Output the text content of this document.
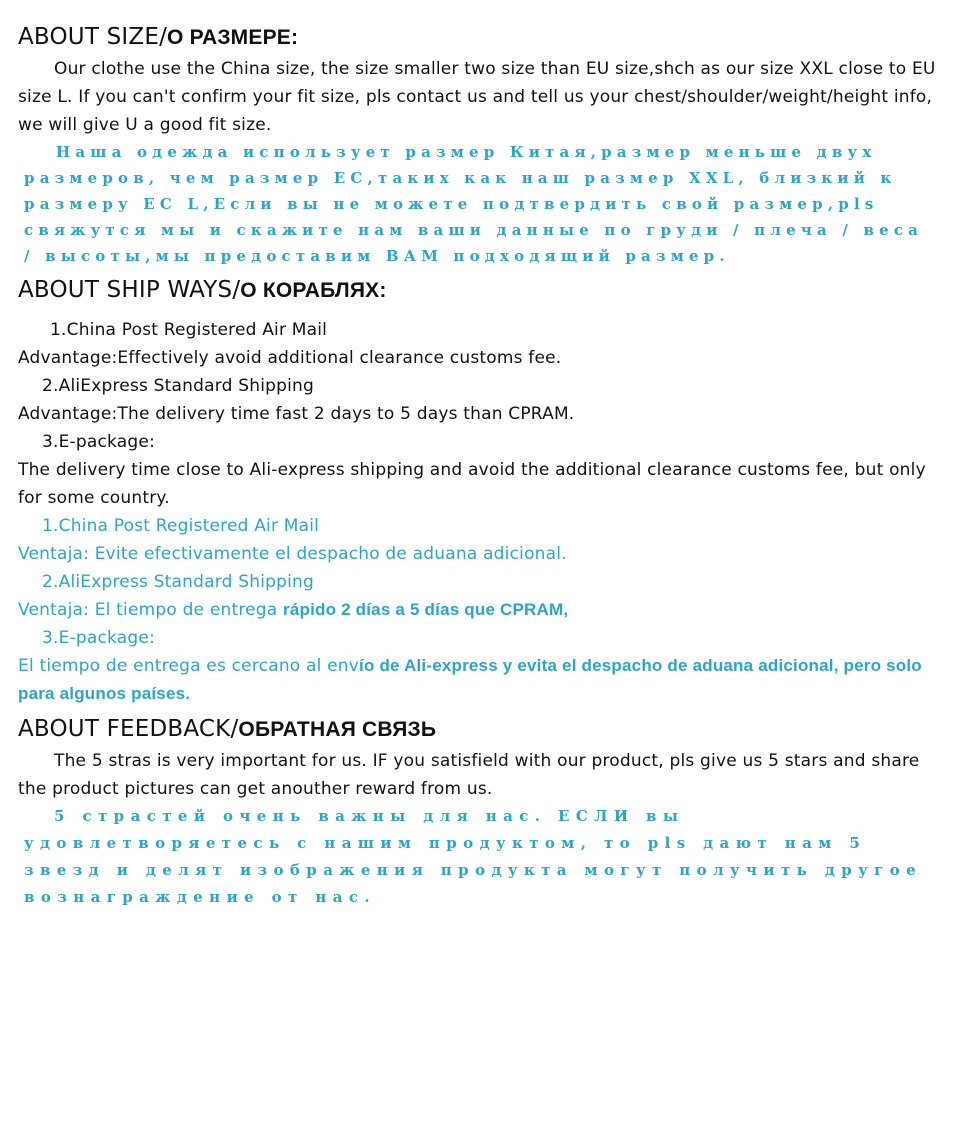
ABOUT SIZE/О РАЗМЕРЕ:

Our clothe use the China size, the size smaller two size than EU size,shch as our size XXL close to EU size L. If you can't confirm your fit size, pls contact us and tell us your chest/shoulder/weight/height info, we will give U a good fit size.

Наша одежда использует размер Китая,размер меньше двух размеров, чем размер ЕС,таких как наш размер XXL, близкий к размеру ЕС L,Если вы не можете подтвердить свой размер,pls свяжутся мы и скажите нам ваши данные по груди / плеча / веса / высоты,мы предоставим ВАМ подходящий размер.

ABOUT SHIP WAYS/О КОРАБЛЯХ:

1.China Post Registered Air Mail

Advantage:Effectively avoid additional clearance customs fee.

2.AliExpress Standard Shipping

Advantage:The delivery time fast 2 days to 5 days than CPRAM.

3.E-package:

The delivery time close to Ali-express shipping and avoid the additional clearance customs fee, but only for some country.

1.China Post Registered Air Mail

Ventaja: Evite efectivamente el despacho de aduana adicional.

2.AliExpress Standard Shipping

Ventaja: El tiempo de entrega rápido 2 días a 5 días que CPRAM,

3.E-package:

El tiempo de entrega es cercano al envío de Ali-express y evita el despacho de aduana adicional, pero solo para algunos países.

ABOUT FEEDBACK/ОБРАТНАЯ СВЯЗЬ

The 5 stras is very important for us. IF you satisfield with our product, pls give us 5 stars and share the product pictures can get anouther reward from us.

5 страстей очень важны для нас. ЕСЛИ вы удовлетворяетесь с нашим продуктом, то pls дают нам 5 звезд и делят изображения продукта могут получить другое вознаграждение от нас.
